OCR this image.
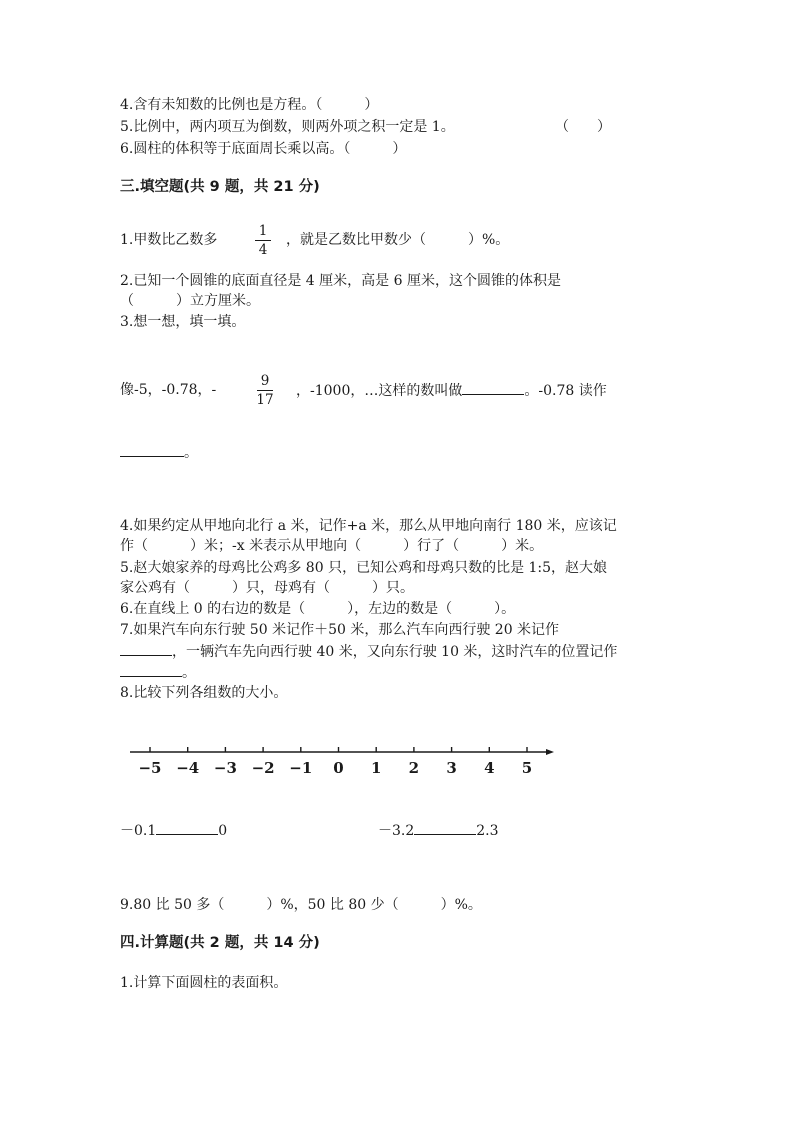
4.含有未知数的比例也是方程。（　　　）
5.比例中，两内项互为倒数，则两外项之积一定是 1。	（　　）
6.圆柱的体积等于底面周长乘以高。（　　　）
三.填空题(共 9 题，共 21 分)
1.甲数比乙数多
1
4
，就是乙数比甲数少（　　　）%。
2.已知一个圆锥的底面直径是 4 厘米，高是 6 厘米，这个圆锥的体积是
（　　　）立方厘米。
3.想一想，填一填。
像-5，-0.78，-
9
17
，-1000，…这样的数叫做	。-0.78 读作
。
4.如果约定从甲地向北行 a 米，记作+a 米，那么从甲地向南行 180 米，应该记
作（　　　）米；-x 米表示从甲地向（　　　）行了（　　　）米。
5.赵大娘家养的母鸡比公鸡多 80 只，已知公鸡和母鸡只数的比是 1:5，赵大娘
家公鸡有（　　　）只，母鸡有（　　　）只。
6.在直线上 0 的右边的数是（　　　），左边的数是（　　　）。
7.如果汽车向东行驶 50 米记作＋50 米，那么汽车向西行驶 20 米记作
，一辆汽车先向西行驶 40 米，又向东行驶 10 米，这时汽车的位置记作
。
8.比较下列各组数的大小。
−5 −4 −3 −2 −1 0 1 2 3 4 5
－0.1	0	－3.2	2.3
9.80 比 50 多（　　　）%，50 比 80 少（　　　）%。
四.计算题(共 2 题，共 14 分)
1.计算下面圆柱的表面积。
